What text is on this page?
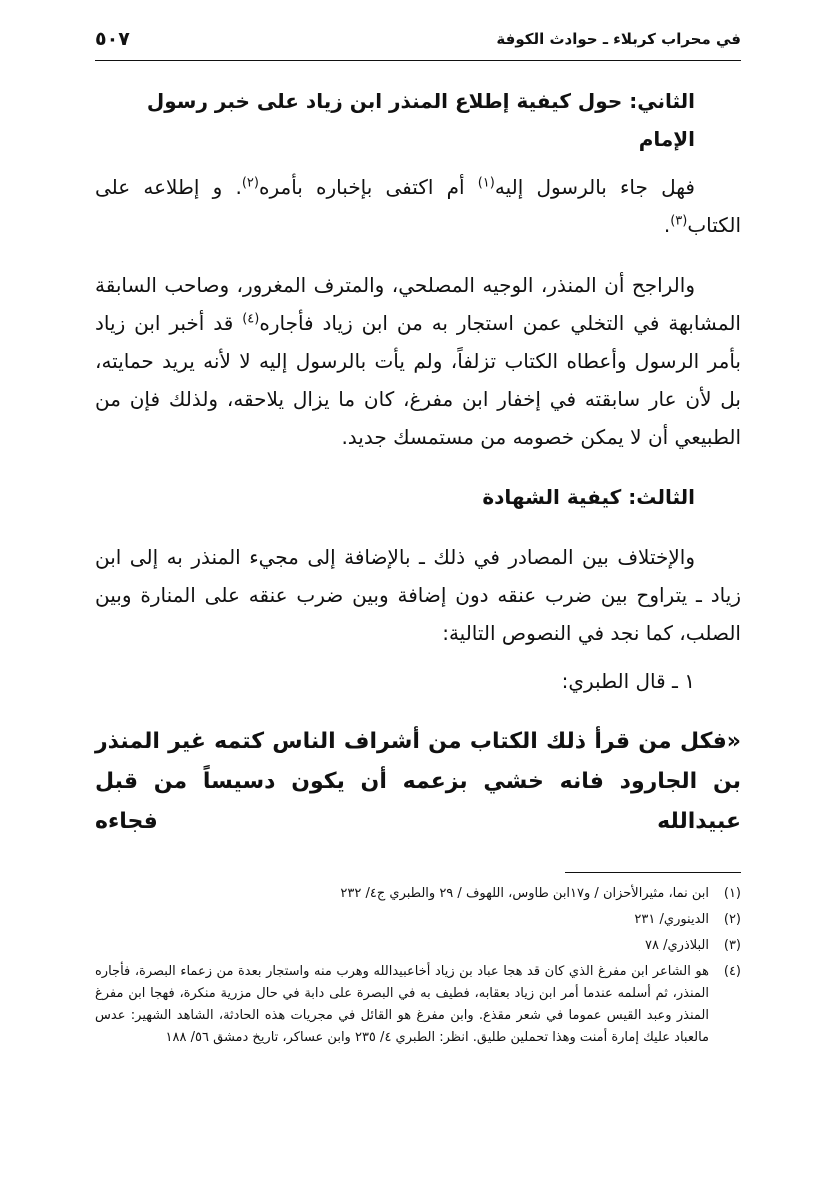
في محراب كربلاء ـ حوادث الكوفة
٥٠٧

الثاني: حول كيفية إطلاع المنذر ابن زياد على خبر رسول الإمام

فهل جاء بالرسول إليه$^{(١)}$ أم اكتفى بإخباره بأمره$^{(٢)}$. و إطلاعه على الكتاب$^{(٣)}$.

والراجح أن المنذر، الوجيه المصلحي، والمترف المغرور، وصاحب السابقة المشابهة في التخلي عمن استجار به من ابن زياد فأجاره$^{(٤)}$ قد أخبر ابن زياد بأمر الرسول وأعطاه الكتاب تزلفاً، ولم يأت بالرسول إليه لا لأنه يريد حمايته، بل لأن عار سابقته في إخفار ابن مفرغ، كان ما يزال يلاحقه، ولذلك فإن من الطبيعي أن لا يمكن خصومه من مستمسك جديد.

الثالث: كيفية الشهادة

والإختلاف بين المصادر في ذلك ـ بالإضافة إلى مجيء المنذر به إلى ابن زياد ـ يتراوح بين ضرب عنقه دون إضافة وبين ضرب عنقه على المنارة وبين الصلب، كما نجد في النصوص التالية:

١ ـ قال الطبري:

«فكل من قرأ ذلك الكتاب من أشراف الناس كتمه غير المنذر بن الجارود فانه خشي بزعمه أن يكون دسيساً من قبل عبيدالله فجاءه

(١)
ابن نما، مثيرالأحزان / و١٧ابن طاوس، اللهوف / ٢٩ والطبري ج٤/ ٢٣٢

(٢)
الدينوري/ ٢٣١

(٣)
البلاذري/ ٧٨

(٤)
هو الشاعر ابن مفرغ الذي كان قد هجا عباد بن زياد أخاعبيدالله وهرب منه واستجار بعدة من زعماء البصرة، فأجاره المنذر، ثم أسلمه عندما أمر ابن زياد بعقابه، فطيف به في البصرة على دابة في حال مزرية منكرة، فهجا ابن مفرغ المنذر وعبد القيس عموما في شعر مقذع. وابن مفرغ هو القائل في مجريات هذه الحادثة، الشاهد الشهير: عدس مالعباد عليك إمارة أمنت وهذا تحملين طليق. انظر: الطبري ٤/ ٢٣٥ وابن عساكر، تاريخ دمشق ٥٦/ ١٨٨
